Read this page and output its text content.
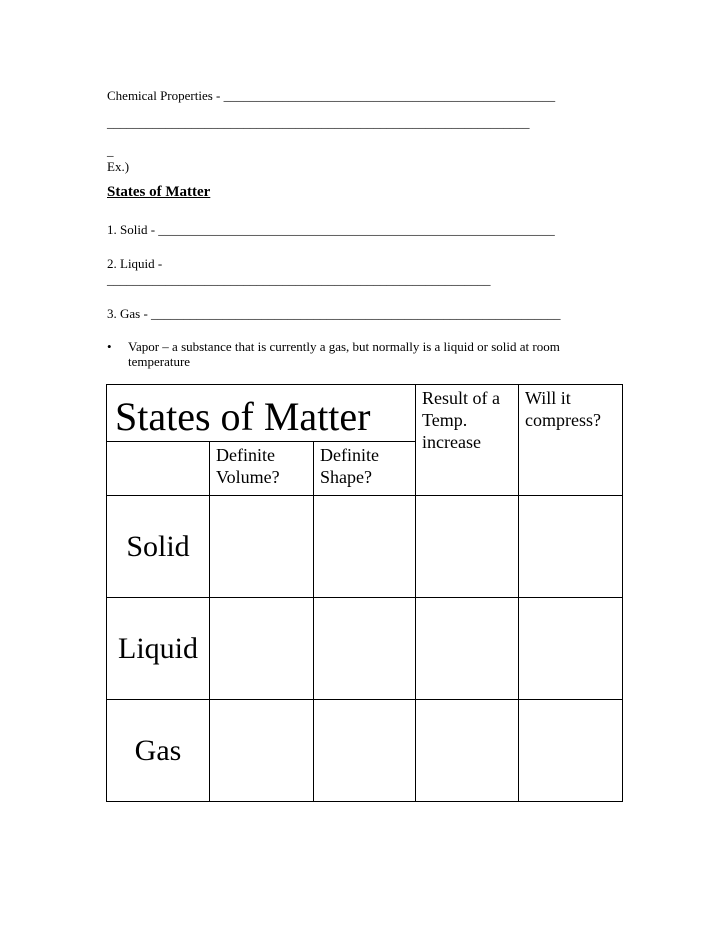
Chemical Properties - ___________________________________________________
_________________________________________________________________
_
Ex.)
States of Matter
1. Solid - _____________________________________________________________
2. Liquid -
___________________________________________________________
3. Gas - _______________________________________________________________
• Vapor – a substance that is currently a gas, but normally is a liquid or solid at room temperature
States of Matter			Result of a Temp. increase	Will it compress?

	Definite Volume?	Definite Shape?		

Solid				
Liquid				
Gas				
